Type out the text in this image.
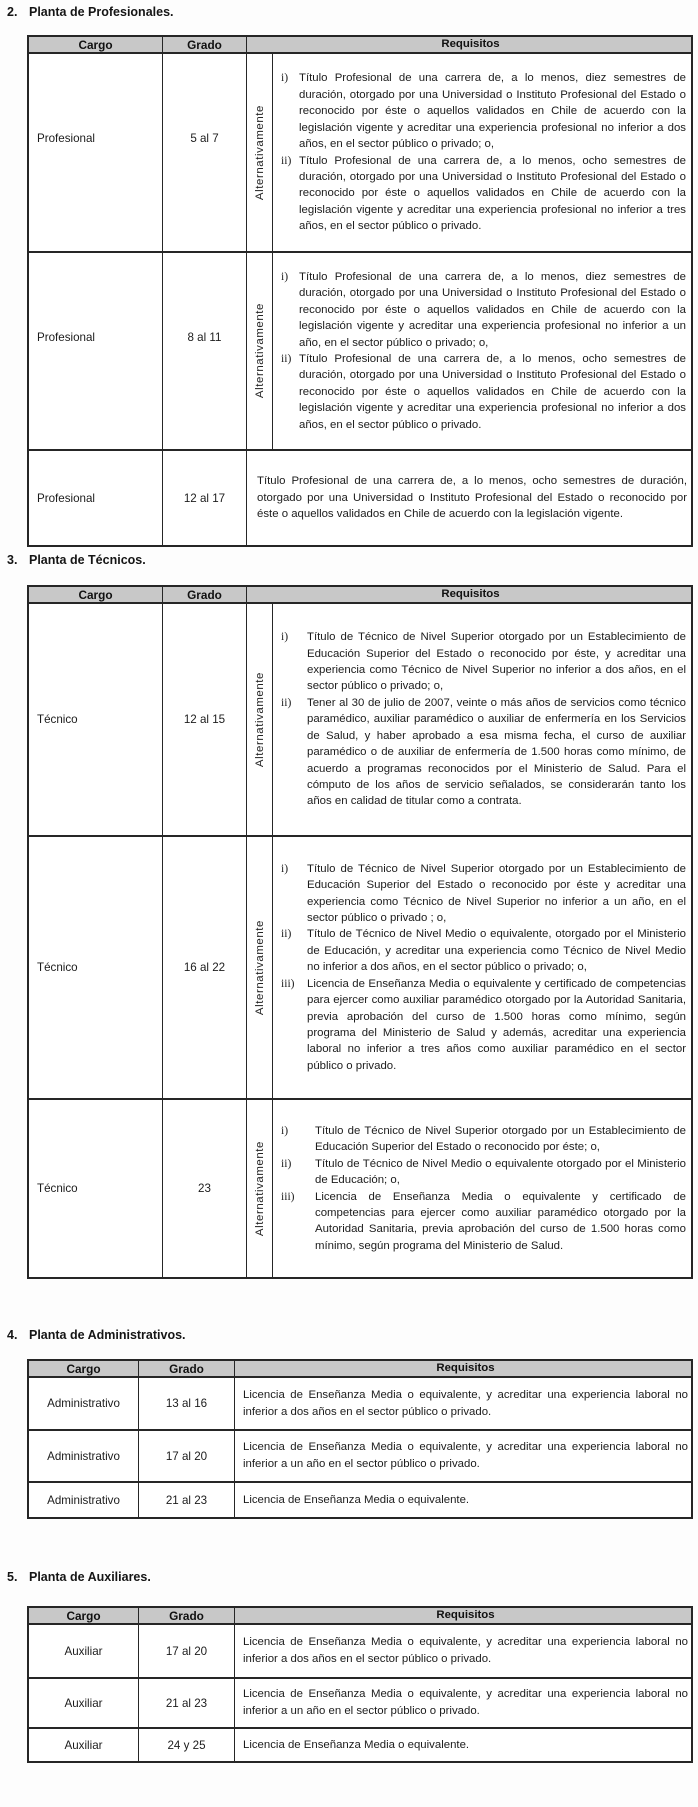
2. Planta de Profesionales.
Cargo	Grado	Requisitos
Profesional	5 al 7	Alternativamente
i) Título Profesional de una carrera de, a lo menos, diez semestres de duración, otorgado por una Universidad o Instituto Profesional del Estado o reconocido por éste o aquellos validados en Chile de acuerdo con la legislación vigente y acreditar una experiencia profesional no inferior a dos años, en el sector público o privado; o,
ii) Título Profesional de una carrera de, a lo menos, ocho semestres de duración, otorgado por una Universidad o Instituto Profesional del Estado o reconocido por éste o aquellos validados en Chile de acuerdo con la legislación vigente y acreditar una experiencia profesional no inferior a tres años, en el sector público o privado.
Profesional	8 al 11	Alternativamente
i) Título Profesional de una carrera de, a lo menos, diez semestres de duración, otorgado por una Universidad o Instituto Profesional del Estado o reconocido por éste o aquellos validados en Chile de acuerdo con la legislación vigente y acreditar una experiencia profesional no inferior a un año, en el sector público o privado; o,
ii) Título Profesional de una carrera de, a lo menos, ocho semestres de duración, otorgado por una Universidad o Instituto Profesional del Estado o reconocido por éste o aquellos validados en Chile de acuerdo con la legislación vigente y acreditar una experiencia profesional no inferior a dos años, en el sector público o privado.
Profesional	12 al 17
Título Profesional de una carrera de, a lo menos, ocho semestres de duración, otorgado por una Universidad o Instituto Profesional del Estado o reconocido por éste o aquellos validados en Chile de acuerdo con la legislación vigente.
3. Planta de Técnicos.
Cargo	Grado	Requisitos
Técnico	12 al 15	Alternativamente
i)	Título de Técnico de Nivel Superior otorgado por un Establecimiento de Educación Superior del Estado o reconocido por éste, y acreditar una experiencia como Técnico de Nivel Superior no inferior a dos años, en el sector público o privado; o,
ii)	Tener al 30 de julio de 2007, veinte o más años de servicios como técnico paramédico, auxiliar paramédico o auxiliar de enfermería en los Servicios de Salud, y haber aprobado a esa misma fecha, el curso de auxiliar paramédico o de auxiliar de enfermería de 1.500 horas como mínimo, de acuerdo a programas reconocidos por el Ministerio de Salud. Para el cómputo de los años de servicio señalados, se considerarán tanto los años en calidad de titular como a contrata.
Técnico	16 al 22	Alternativamente
i)	Título de Técnico de Nivel Superior otorgado por un Establecimiento de Educación Superior del Estado o reconocido por éste y acreditar una experiencia como Técnico de Nivel Superior no inferior a un año, en el sector público o privado ; o,
ii)	Título de Técnico de Nivel Medio o equivalente, otorgado por el Ministerio de Educación, y acreditar una experiencia como Técnico de Nivel Medio no inferior a dos años, en el sector público o privado; o,
iii)	Licencia de Enseñanza Media o equivalente y certificado de competencias para ejercer como auxiliar paramédico otorgado por la Autoridad Sanitaria, previa aprobación del curso de 1.500 horas como mínimo, según programa del Ministerio de Salud y además, acreditar una experiencia laboral no inferior a tres años como auxiliar paramédico en el sector público o privado.
Técnico	23	Alternativamente
i)	Título de Técnico de Nivel Superior otorgado por un Establecimiento de Educación Superior del Estado o reconocido por éste; o,
ii)	Título de Técnico de Nivel Medio o equivalente otorgado por el Ministerio de Educación; o,
iii)	Licencia de Enseñanza Media o equivalente y certificado de competencias para ejercer como auxiliar paramédico otorgado por la Autoridad Sanitaria, previa aprobación del curso de 1.500 horas como mínimo, según programa del Ministerio de Salud.
4. Planta de Administrativos.
Cargo	Grado	Requisitos
Administrativo	13 al 16
Licencia de Enseñanza Media o equivalente, y acreditar una experiencia laboral no inferior a dos años en el sector público o privado.
Administrativo	17 al 20
Licencia de Enseñanza Media o equivalente, y acreditar una experiencia laboral no inferior a un año en el sector público o privado.
Administrativo	21 al 23	Licencia de Enseñanza Media o equivalente.
5. Planta de Auxiliares.
Cargo	Grado	Requisitos
Auxiliar	17 al 20
Licencia de Enseñanza Media o equivalente, y acreditar una experiencia laboral no inferior a dos años en el sector público o privado.
Auxiliar	21 al 23
Licencia de Enseñanza Media o equivalente, y acreditar una experiencia laboral no inferior a un año en el sector público o privado.
Auxiliar	24 y 25	Licencia de Enseñanza Media o equivalente.
